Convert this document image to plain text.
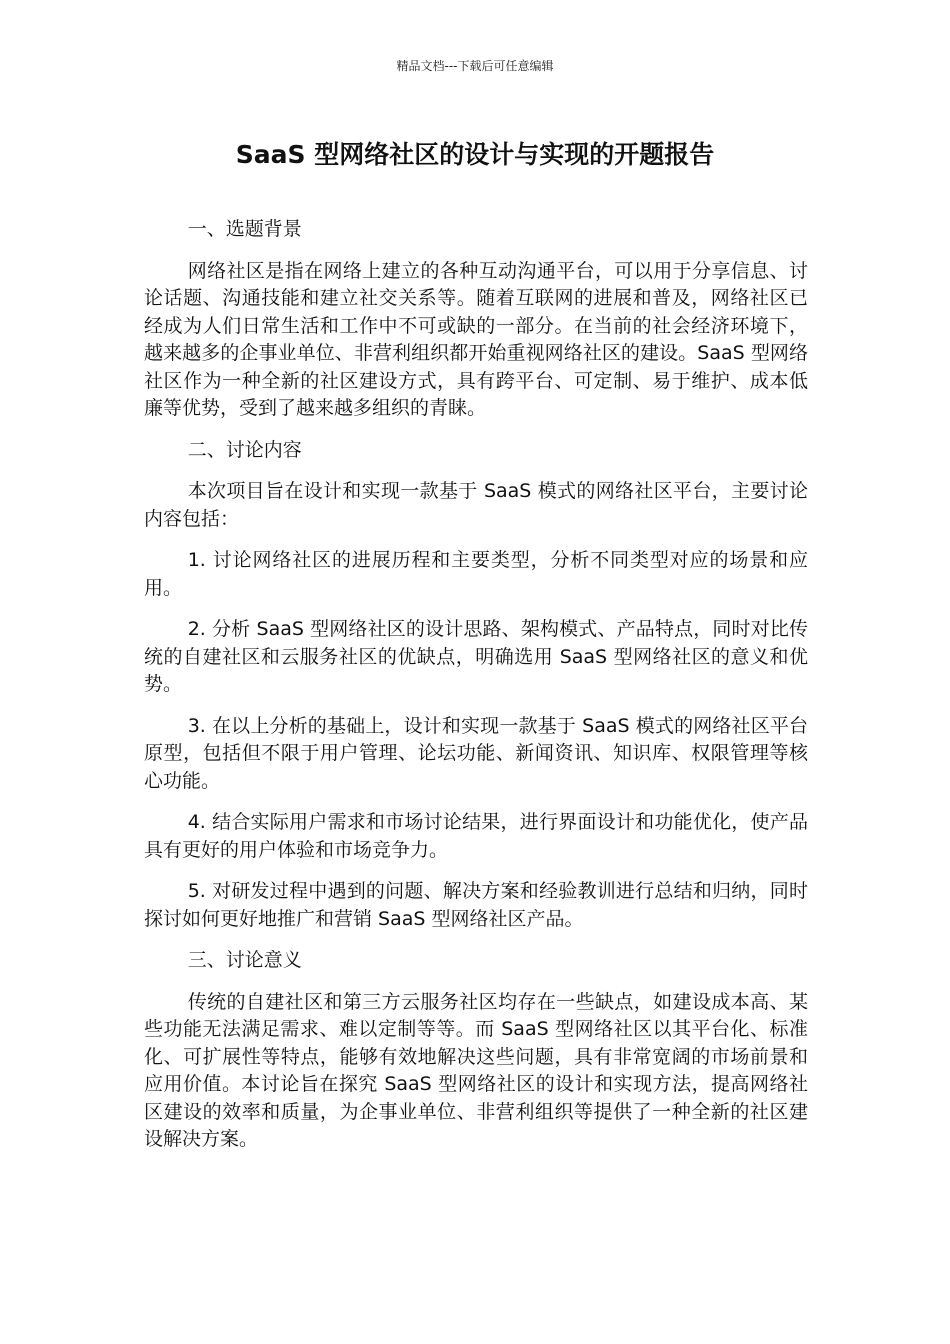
精品文档---下载后可任意编辑
SaaS 型网络社区的设计与实现的开题报告

一、选题背景

网络社区是指在网络上建立的各种互动沟通平台，可以用于分享信息、讨论话题、沟通技能和建立社交关系等。随着互联网的进展和普及，网络社区已经成为人们日常生活和工作中不可或缺的一部分。在当前的社会经济环境下，越来越多的企事业单位、非营利组织都开始重视网络社区的建设。SaaS 型网络社区作为一种全新的社区建设方式，具有跨平台、可定制、易于维护、成本低廉等优势，受到了越来越多组织的青睐。

二、讨论内容

本次项目旨在设计和实现一款基于 SaaS 模式的网络社区平台，主要讨论内容包括：

1. 讨论网络社区的进展历程和主要类型，分析不同类型对应的场景和应用。

2. 分析 SaaS 型网络社区的设计思路、架构模式、产品特点，同时对比传统的自建社区和云服务社区的优缺点，明确选用 SaaS 型网络社区的意义和优势。

3. 在以上分析的基础上，设计和实现一款基于 SaaS 模式的网络社区平台原型，包括但不限于用户管理、论坛功能、新闻资讯、知识库、权限管理等核心功能。

4. 结合实际用户需求和市场讨论结果，进行界面设计和功能优化，使产品具有更好的用户体验和市场竞争力。

5. 对研发过程中遇到的问题、解决方案和经验教训进行总结和归纳，同时探讨如何更好地推广和营销 SaaS 型网络社区产品。

三、讨论意义

传统的自建社区和第三方云服务社区均存在一些缺点，如建设成本高、某些功能无法满足需求、难以定制等等。而 SaaS 型网络社区以其平台化、标准化、可扩展性等特点，能够有效地解决这些问题，具有非常宽阔的市场前景和应用价值。本讨论旨在探究 SaaS 型网络社区的设计和实现方法，提高网络社区建设的效率和质量，为企事业单位、非营利组织等提供了一种全新的社区建设解决方案。
